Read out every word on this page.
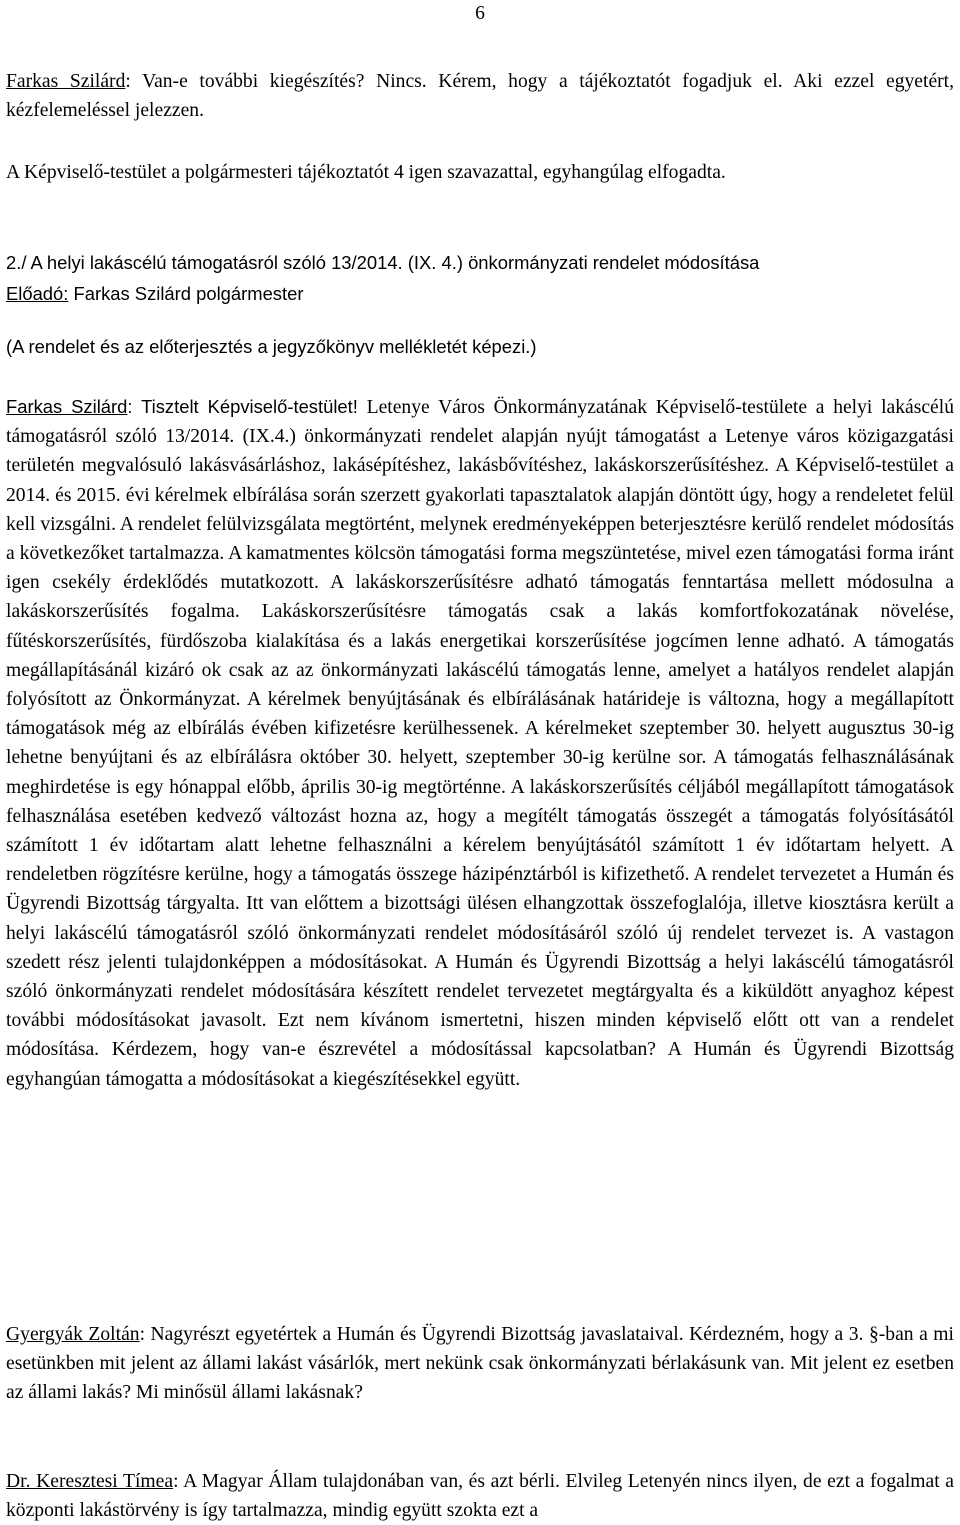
6

Farkas Szilárd: Van-e további kiegészítés? Nincs. Kérem, hogy a tájékoztatót fogadjuk el. Aki ezzel egyetért, kézfelemeléssel jelezzen.

A Képviselő-testület a polgármesteri tájékoztatót 4 igen szavazattal, egyhangúlag elfogadta.

2./ A helyi lakáscélú támogatásról szóló 13/2014. (IX. 4.) önkormányzati rendelet módosítása
Előadó: Farkas Szilárd polgármester
(A rendelet és az előterjesztés a jegyzőkönyv mellékletét képezi.)

Farkas Szilárd: Tisztelt Képviselő-testület! Letenye Város Önkormányzatának Képviselő-testülete a helyi lakáscélú támogatásról szóló 13/2014. (IX.4.) önkormányzati rendelet alapján nyújt támogatást a Letenye város közigazgatási területén megvalósuló lakásvásárláshoz, lakásépítéshez, lakásbővítéshez, lakáskorszerűsítéshez. A Képviselő-testület a 2014. és 2015. évi kérelmek elbírálása során szerzett gyakorlati tapasztalatok alapján döntött úgy, hogy a rendeletet felül kell vizsgálni. A rendelet felülvizsgálata megtörtént, melynek eredményeképpen beterjesztésre kerülő rendelet módosítás a következőket tartalmazza. A kamatmentes kölcsön támogatási forma megszüntetése, mivel ezen támogatási forma iránt igen csekély érdeklődés mutatkozott. A lakáskorszerűsítésre adható támogatás fenntartása mellett módosulna a lakáskorszerűsítés fogalma. Lakáskorszerűsítésre támogatás csak a lakás komfortfokozatának növelése, fűtéskorszerűsítés, fürdőszoba kialakítása és a lakás energetikai korszerűsítése jogcímen lenne adható. A támogatás megállapításánál kizáró ok csak az az önkormányzati lakáscélú támogatás lenne, amelyet a hatályos rendelet alapján folyósított az Önkormányzat. A kérelmek benyújtásának és elbírálásának határideje is változna, hogy a megállapított támogatások még az elbírálás évében kifizetésre kerülhessenek. A kérelmeket szeptember 30. helyett augusztus 30-ig lehetne benyújtani és az elbírálásra október 30. helyett, szeptember 30-ig kerülne sor. A támogatás felhasználásának meghirdetése is egy hónappal előbb, április 30-ig megtörténne. A lakáskorszerűsítés céljából megállapított támogatások felhasználása esetében kedvező változást hozna az, hogy a megítélt támogatás összegét a támogatás folyósításától számított 1 év időtartam alatt lehetne felhasználni a kérelem benyújtásától számított 1 év időtartam helyett. A rendeletben rögzítésre kerülne, hogy a támogatás összege házipénztárból is kifizethető. A rendelet tervezetet a Humán és Ügyrendi Bizottság tárgyalta. Itt van előttem a bizottsági ülésen elhangzottak összefoglalója, illetve kiosztásra került a helyi lakáscélú támogatásról szóló önkormányzati rendelet módosításáról szóló új rendelet tervezet is. A vastagon szedett rész jelenti tulajdonképpen a módosításokat. A Humán és Ügyrendi Bizottság a helyi lakáscélú támogatásról szóló önkormányzati rendelet módosítására készített rendelet tervezetet megtárgyalta és a kiküldött anyaghoz képest további módosításokat javasolt. Ezt nem kívánom ismertetni, hiszen minden képviselő előtt ott van a rendelet módosítása. Kérdezem, hogy van-e észrevétel a módosítással kapcsolatban? A Humán és Ügyrendi Bizottság egyhangúan támogatta a módosításokat a kiegészítésekkel együtt.

Gyergyák Zoltán: Nagyrészt egyetértek a Humán és Ügyrendi Bizottság javaslataival. Kérdezném, hogy a 3. §-ban a mi esetünkben mit jelent az állami lakást vásárlók, mert nekünk csak önkormányzati bérlakásunk van. Mit jelent ez esetben az állami lakás? Mi minősül állami lakásnak?

Dr. Keresztesi Tímea: A Magyar Állam tulajdonában van, és azt bérli. Elvileg Letenyén nincs ilyen, de ezt a fogalmat a központi lakástörvény is így tartalmazza, mindig együtt szokta ezt a
